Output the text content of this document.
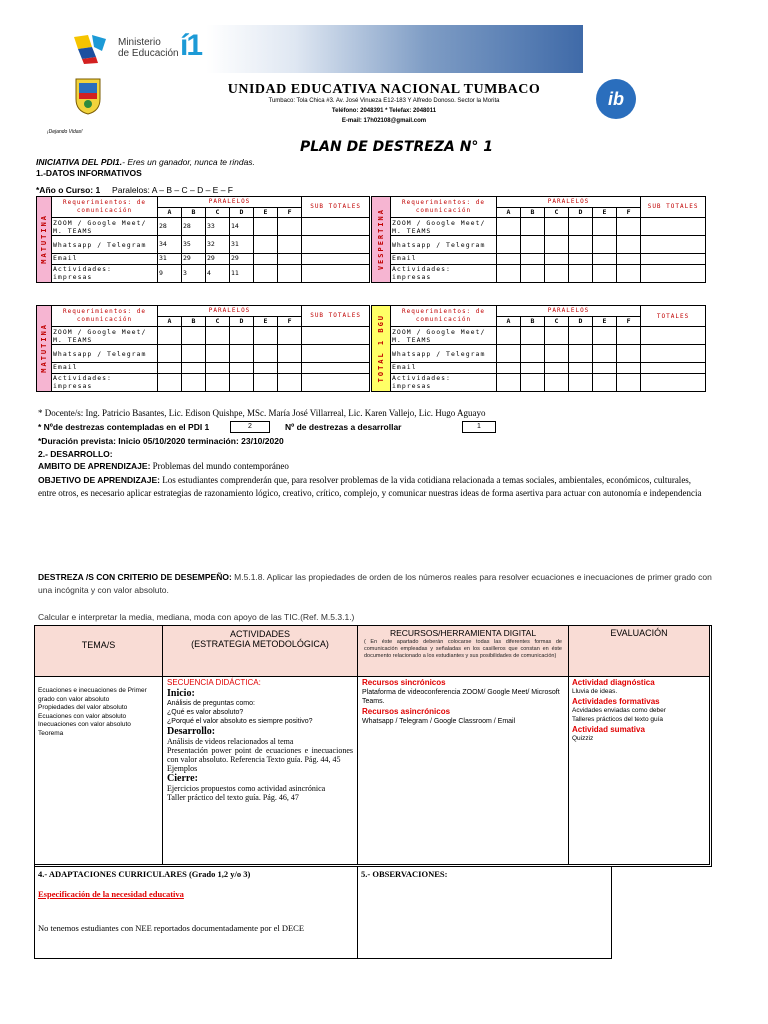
Ministerio
de Educación í1
¡Dejando Vidas!
ib
UNIDAD EDUCATIVA NACIONAL TUMBACO
Tumbaco: Tola Chica #3. Av. José Vinueza E12-183 Y Alfredo Donoso. Sector la Morita
Teléfono: 2048391 * Telefax: 2048011
E-mail: 17h02108@gmail.com
PLAN DE DESTREZA N° 1
INICIATIVA DEL PDI1.- Eres un ganador, nunca te rindas.
1.-DATOS INFORMATIVOS
*Año o Curso: 1 Paralelos: A – B – C – D – E – F
MATUTINA	Requerimientos: de comunicación	PARALELOS						SUB TOTALES
		A	B	C	D	E	F	
	ZOOM / Google Meet/ M. TEAMS	28	28	33	14			
	Whatsapp / Telegram	34	35	32	31			
	Email	31	29	29	29			
	Actividades: impresas	9	3	4	11			
VESPERTINA	Requerimientos: de comunicación	PARALELOS						SUB TOTALES
		A	B	C	D	E	F	
	ZOOM / Google Meet/ M. TEAMS							
	Whatsapp / Telegram							
	Email							
	Actividades: impresas							
MATUTINA	Requerimientos: de comunicación	PARALELOS						SUB TOTALES
		A	B	C	D	E	F	
	ZOOM / Google Meet/ M. TEAMS							
	Whatsapp / Telegram							
	Email							
	Actividades: impresas							
TOTAL 1 BGU	Requerimientos: de comunicación	PARALELOS						TOTALES
		A	B	C	D	E	F	
	ZOOM / Google Meet/ M. TEAMS							
	Whatsapp / Telegram							
	Email							
	Actividades: impresas							
* Docente/s: Ing. Patricio Basantes, Lic. Edison Quishpe, MSc. María José Villarreal, Lic. Karen Vallejo, Lic. Hugo Aguayo
* Nºde destrezas contempladas en el PDI 1	2	Nº de destrezas a desarrollar	1
*Duración prevista: Inicio 05/10/2020 terminación: 23/10/2020
2.- DESARROLLO:
AMBITO DE APRENDIZAJE: Problemas del mundo contemporáneo
OBJETIVO DE APRENDIZAJE: Los estudiantes comprenderán que, para resolver problemas de la vida cotidiana relacionada a temas sociales, ambientales, económicos, culturales, entre otros, es necesario aplicar estrategias de razonamiento lógico, creativo, crítico, complejo, y comunicar nuestras ideas de forma asertiva para actuar con autonomía e independencia
DESTREZA /S CON CRITERIO DE DESEMPEÑO: M.5.1.8. Aplicar las propiedades de orden de los números reales para resolver ecuaciones e inecuaciones de primer grado con una incógnita y con valor absoluto.
Calcular e interpretar la media, mediana, moda con apoyo de las TIC.(Ref. M.5.3.1.)
TEMA/S
ACTIVIDADES
(ESTRATEGIA METODOLÓGICA)
RECURSOS/HERRAMIENTA DIGITAL
( En éste apartado deberán colocarse todas las diferentes formas de comunicación empleadas y señaladas en los casilleros que constan en éste documento relacionado a los estudiantes y sus posibilidades de comunicación)
EVALUACIÓN
Ecuaciones e inecuaciones de Primer grado con valor absoluto
Propiedades del valor absoluto
Ecuaciones con valor absoluto
Inecuaciones con valor absoluto
Teorema
SECUENCIA DIDÁCTICA:
Inicio:
Análisis de preguntas como:
¿Qué es valor absoluto?
¿Porqué el valor absoluto es siempre positivo?
Desarrollo:
Análisis de videos relacionados al tema
Presentación power point de ecuaciones e inecuaciones con valor absoluto. Referencia Texto guía. Pág. 44, 45
Ejemplos
Cierre:
Ejercicios propuestos como actividad asincrónica
Taller práctico del texto guía. Pág. 46, 47
Recursos sincrónicos
Plataforma de videoconferencia ZOOM/ Google Meet/ Microsoft Teams.
Recursos asincrónicos
Whatsapp / Telegram / Google Classroom / Email
Actividad diagnóstica
Lluvia de ideas.
Actividades formativas
Acvidades enviadas como deber
Talleres prácticos del texto guía
Actividad sumativa
Quizziz
4.- ADAPTACIONES CURRICULARES (Grado 1,2 y/o 3)
Especificación de la necesidad educativa
No tenemos estudiantes con NEE reportados documentadamente por el DECE
5.- OBSERVACIONES:
